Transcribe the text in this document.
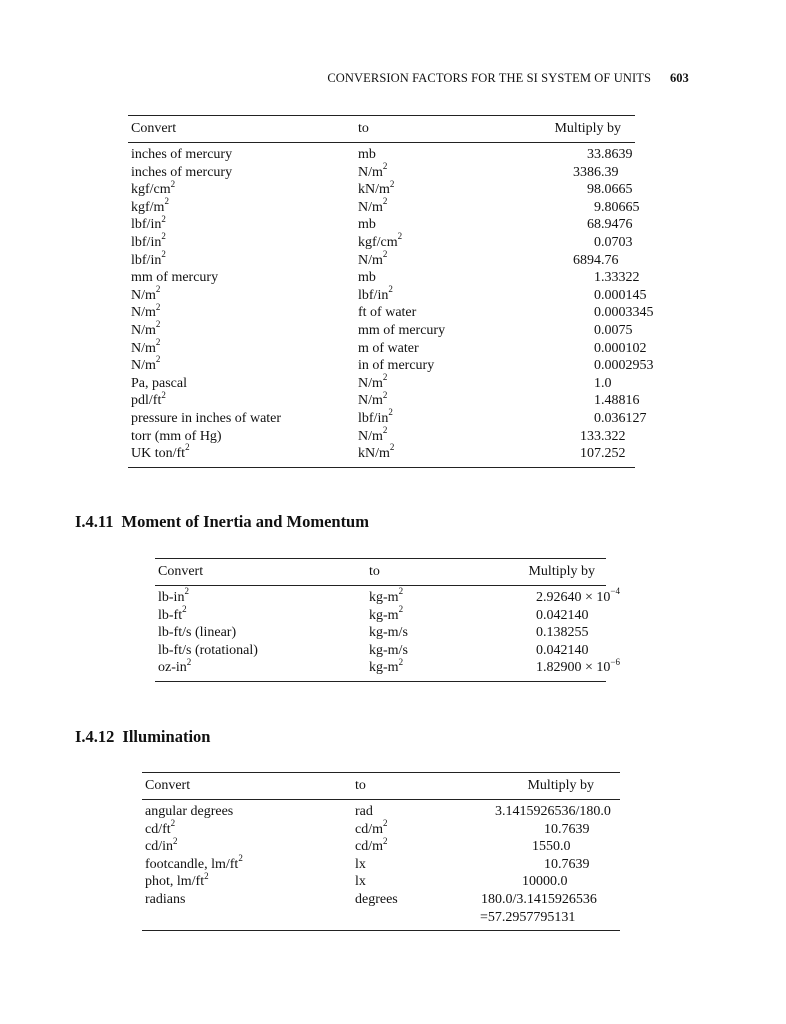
CONVERSION FACTORS FOR THE SI SYSTEM OF UNITS 603
Convert	to	Multiply by
inches of mercury	mb	33.8639
inches of mercury	$N/m^2$	3386.39
kgf/$cm^2$	$kN/m^2$	98.0665
kgf/$m^2$	$N/m^2$	9.80665
lbf/$in^2$	mb	68.9476
lbf/$in^2$	kgf/$cm^2$	0.0703
lbf/$in^2$	$N/m^2$	6894.76
mm of mercury	mb	1.33322
$N/m^2$	lbf/$in^2$	0.000145
$N/m^2$	ft of water	0.0003345
$N/m^2$	mm of mercury	0.0075
$N/m^2$	m of water	0.000102
$N/m^2$	in of mercury	0.0002953
Pa, pascal	$N/m^2$	1.0
pdl/$ft^2$	$N/m^2$	1.48816
pressure in inches of water	lbf/$in^2$	0.036127
torr (mm of Hg)	$N/m^2$	133.322
UK ton/$ft^2$	$kN/m^2$	107.252
I.4.11 Moment of Inertia and Momentum
Convert	to	Multiply by
$lb-in^2$	$kg-m^2$	$2.92640 \times 10^{-4}$
$lb-ft^2$	$kg-m^2$	0.042140
lb-ft/s (linear)	kg-m/s	0.138255
lb-ft/s (rotational)	kg-m/s	0.042140
$oz-in^2$	$kg-m^2$	$1.82900 \times 10^{-6}$
I.4.12 Illumination
Convert	to	Multiply by
angular degrees	rad	3.1415926536/180.0
$cd/ft^2$	$cd/m^2$	10.7639
$cd/in^2$	$cd/m^2$	1550.0
footcandle, $lm/ft^2$	lx	10.7639
phot, $lm/ft^2$	lx	10000.0
radians	degrees	180.0/3.1415926536
=57.2957795131
